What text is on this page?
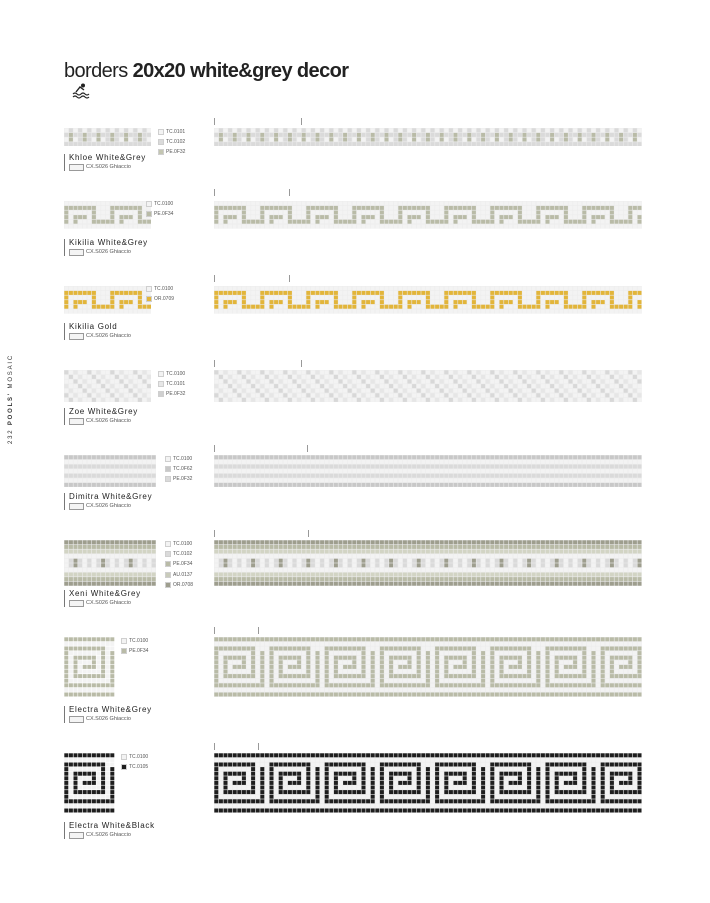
borders 20x20 white&grey decor
232 POOLS' MOSAIC
TC.0101
TC.0102
PE.0F32
Khloe White&Grey
CX.S026 Ghiaccio
TC.0100
PE.0F34
Kikilia White&Grey
CX.S026 Ghiaccio
TC.0100
OR.0709
Kikilia Gold
CX.S026 Ghiaccio
TC.0100
TC.0101
PE.0F32
Zoe White&Grey
CX.S026 Ghiaccio
TC.0100
TC.0F62
PE.0F32
Dimitra White&Grey
CX.S026 Ghiaccio
TC.0100
TC.0102
PE.0F34
AU.0137
OR.0708
Xeni White&Grey
CX.S026 Ghiaccio
TC.0100
PE.0F34
Electra White&Grey
CX.S026 Ghiaccio
TC.0100
TC.0105
Electra White&Black
CX.S026 Ghiaccio
